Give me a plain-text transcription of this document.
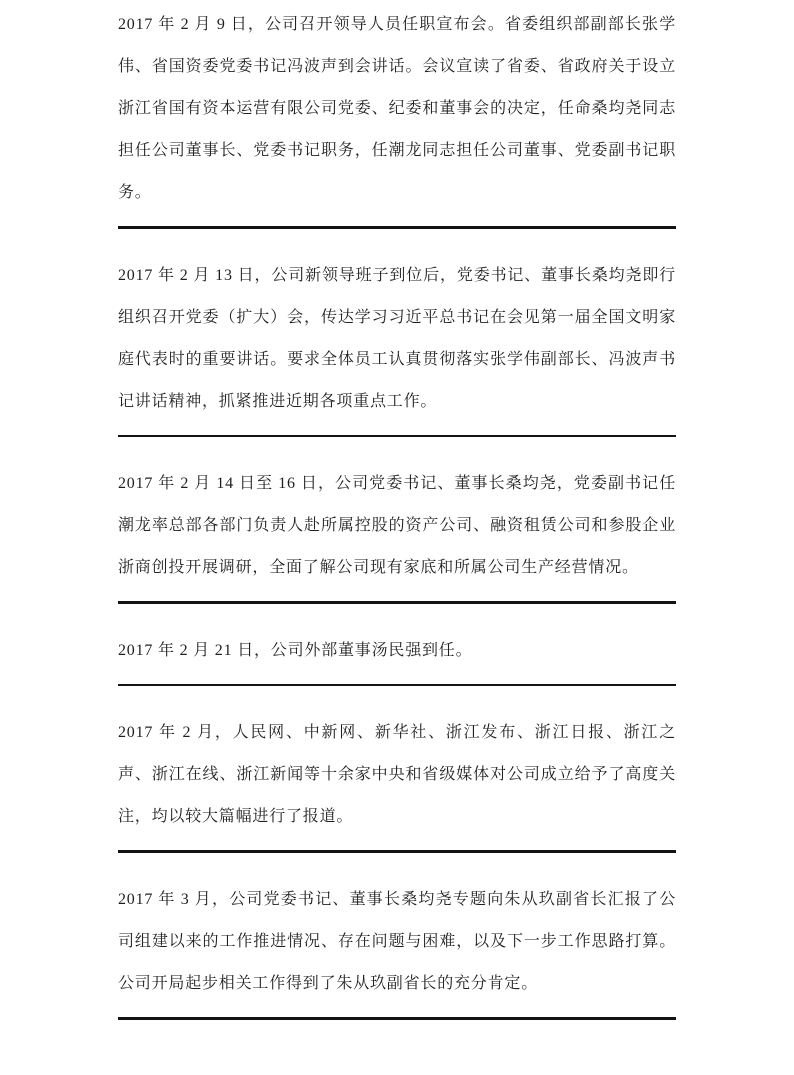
2017 年 2 月 9 日，公司召开领导人员任职宣布会。省委组织部副部长张学伟、省国资委党委书记冯波声到会讲话。会议宣读了省委、省政府关于设立浙江省国有资本运营有限公司党委、纪委和董事会的决定，任命桑均尧同志担任公司董事长、党委书记职务，任潮龙同志担任公司董事、党委副书记职务。

2017 年 2 月 13 日，公司新领导班子到位后，党委书记、董事长桑均尧即行组织召开党委（扩大）会，传达学习习近平总书记在会见第一届全国文明家庭代表时的重要讲话。要求全体员工认真贯彻落实张学伟副部长、冯波声书记讲话精神，抓紧推进近期各项重点工作。

2017 年 2 月 14 日至 16 日，公司党委书记、董事长桑均尧，党委副书记任潮龙率总部各部门负责人赴所属控股的资产公司、融资租赁公司和参股企业浙商创投开展调研，全面了解公司现有家底和所属公司生产经营情况。

2017 年 2 月 21 日，公司外部董事汤民强到任。

2017 年 2 月，人民网、中新网、新华社、浙江发布、浙江日报、浙江之声、浙江在线、浙江新闻等十余家中央和省级媒体对公司成立给予了高度关注，均以较大篇幅进行了报道。

2017 年 3 月，公司党委书记、董事长桑均尧专题向朱从玖副省长汇报了公司组建以来的工作推进情况、存在问题与困难，以及下一步工作思路打算。公司开局起步相关工作得到了朱从玖副省长的充分肯定。
